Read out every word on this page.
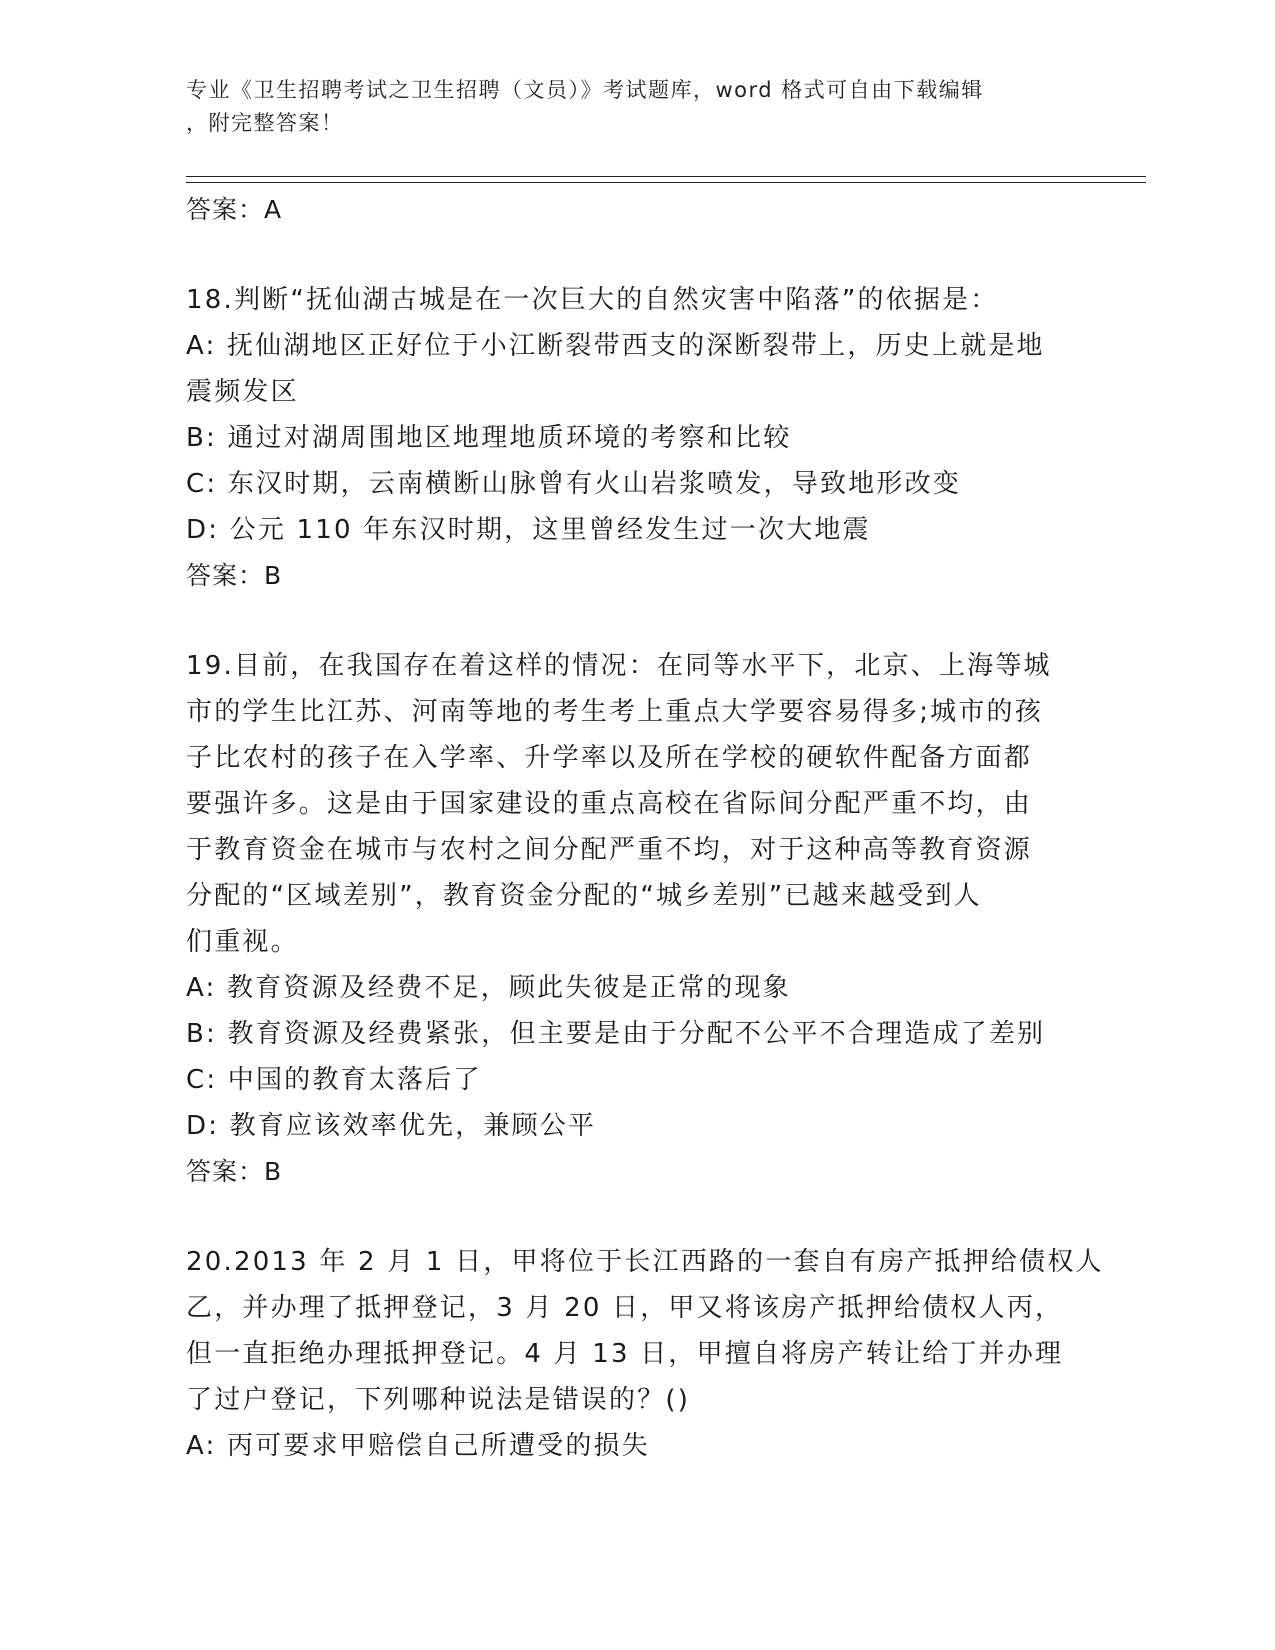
专业《卫生招聘考试之卫生招聘（文员）》考试题库，word 格式可自由下载编辑
，附完整答案！
答案：A
18.判断“抚仙湖古城是在一次巨大的自然灾害中陷落”的依据是：
A: 抚仙湖地区正好位于小江断裂带西支的深断裂带上，历史上就是地
震频发区
B: 通过对湖周围地区地理地质环境的考察和比较
C: 东汉时期，云南横断山脉曾有火山岩浆喷发，导致地形改变
D: 公元 110 年东汉时期，这里曾经发生过一次大地震
答案：B
19.目前，在我国存在着这样的情况：在同等水平下，北京、上海等城
市的学生比江苏、河南等地的考生考上重点大学要容易得多;城市的孩
子比农村的孩子在入学率、升学率以及所在学校的硬软件配备方面都
要强许多。这是由于国家建设的重点高校在省际间分配严重不均，由
于教育资金在城市与农村之间分配严重不均，对于这种高等教育资源
分配的“区域差别”，教育资金分配的“城乡差别”已越来越受到人
们重视。
A: 教育资源及经费不足，顾此失彼是正常的现象
B: 教育资源及经费紧张，但主要是由于分配不公平不合理造成了差别
C: 中国的教育太落后了
D: 教育应该效率优先，兼顾公平
答案：B
20.2013 年 2 月 1 日，甲将位于长江西路的一套自有房产抵押给债权人
乙，并办理了抵押登记，3 月 20 日，甲又将该房产抵押给债权人丙，
但一直拒绝办理抵押登记。4 月 13 日，甲擅自将房产转让给丁并办理
了过户登记，下列哪种说法是错误的？()
A: 丙可要求甲赔偿自己所遭受的损失
